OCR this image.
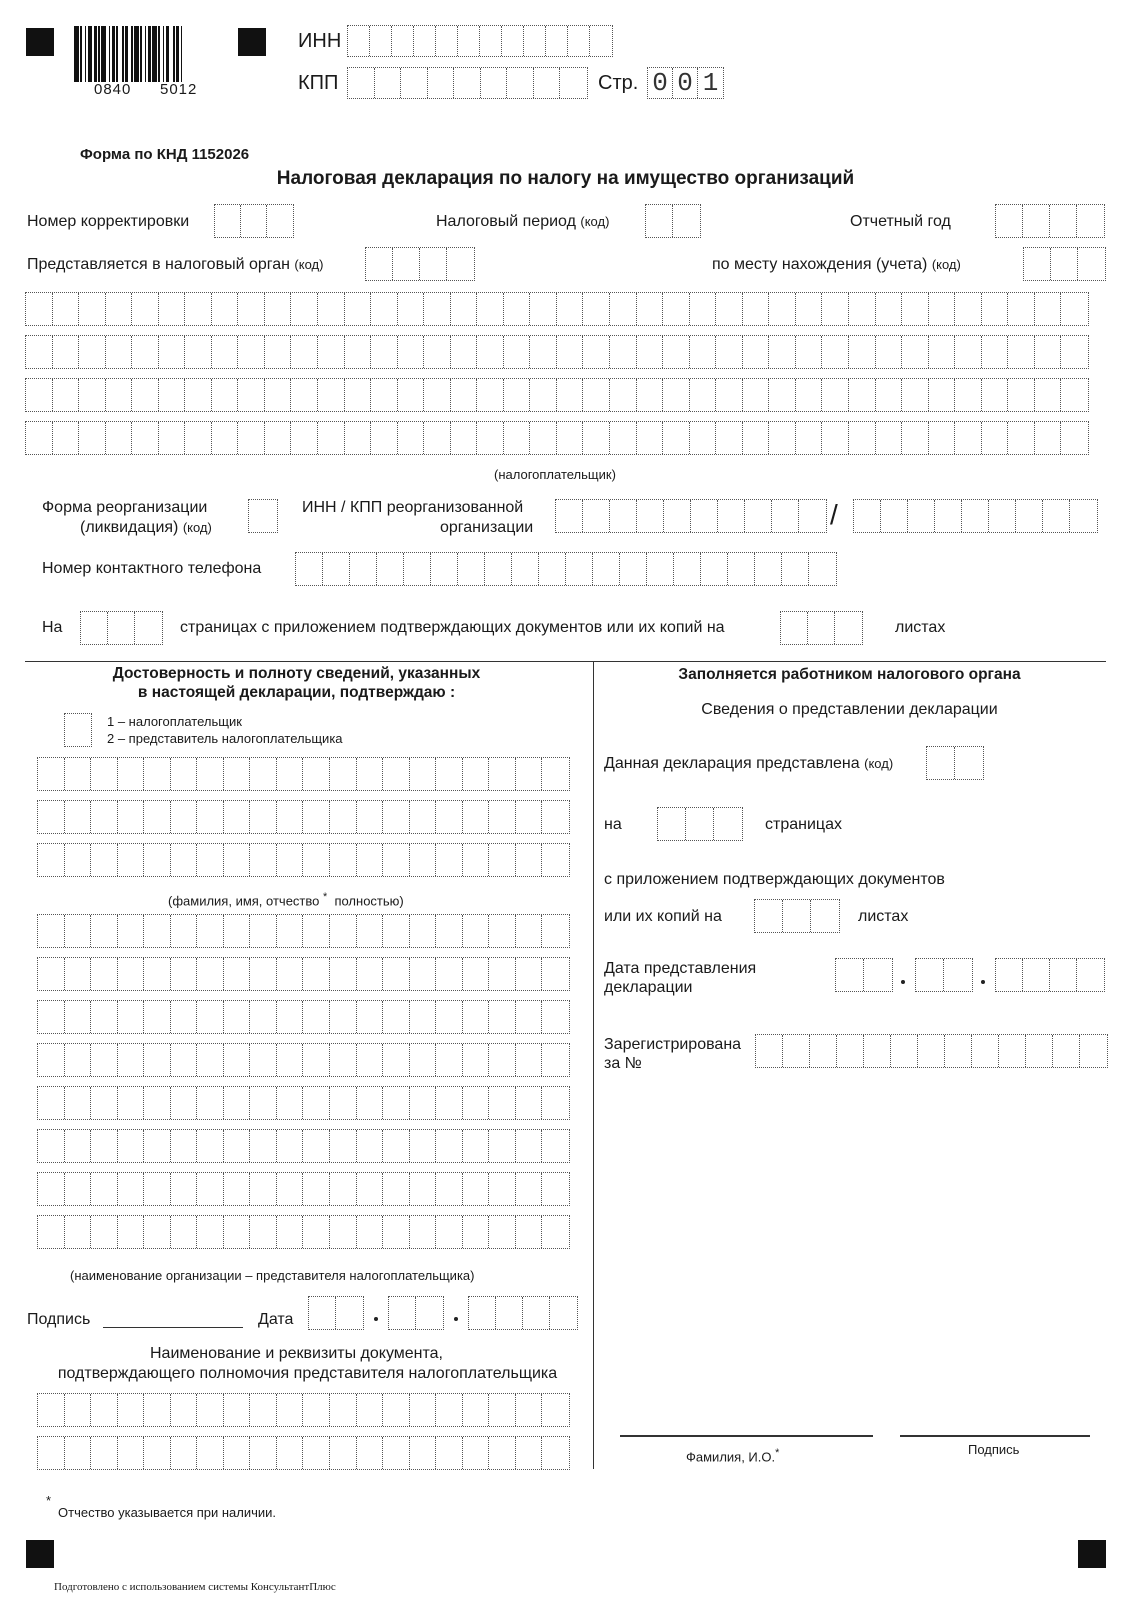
0840 5012
ИНН
КПП	Стр. 0 0 1
Форма по КНД 1152026
Налоговая декларация по налогу на имущество организаций
Номер корректировки	Налоговый период (код)	Отчетный год
Представляется в налоговый орган (код)	по месту нахождения (учета) (код)
(налогоплательщик)
Форма реорганизации
(ликвидация) (код)
ИНН / КПП реорганизованной
организации	/
Номер контактного телефона
На	страницах с приложением подтверждающих документов или их копий на	листах
Достоверность и полноту сведений, указанных
в настоящей декларации, подтверждаю :
1 – налогоплательщик
2 – представитель налогоплательщика
(фамилия, имя, отчество * полностью)
(наименование организации – представителя налогоплательщика)
Подпись	Дата
Наименование и реквизиты документа,
подтверждающего полномочия представителя налогоплательщика
Заполняется работником налогового органа
Сведения о представлении декларации
Данная декларация представлена (код)
на	страницах
с приложением подтверждающих документов
или их копий на	листах
Дата представления
декларации
Зарегистрирована
за №
Фамилия, И.О.*	Подпись
*
Отчество указывается при наличии.
Подготовлено с использованием системы КонсультантПлюс
